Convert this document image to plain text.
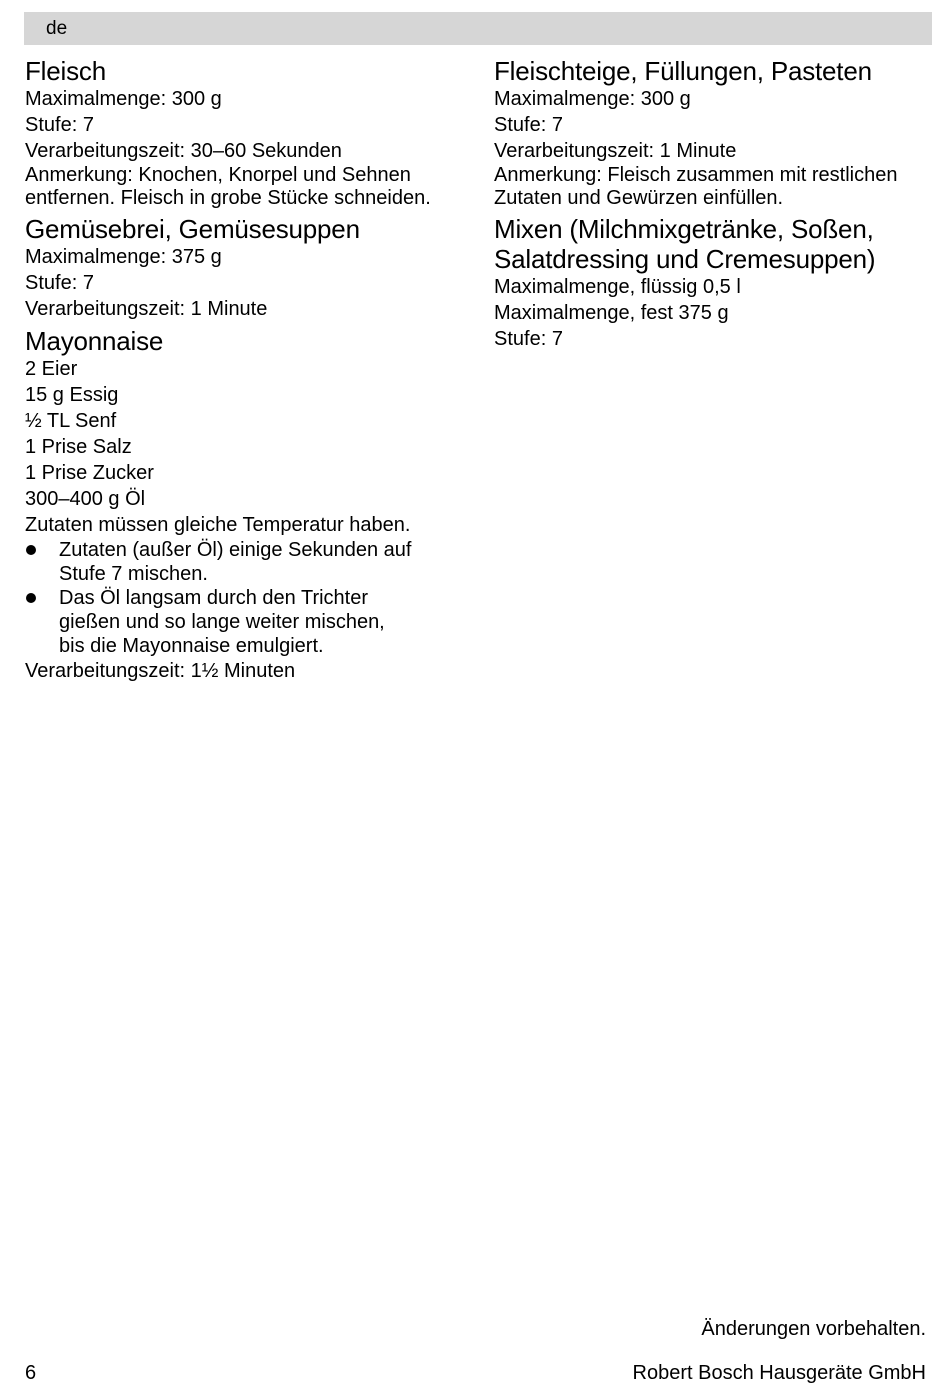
de
Fleisch
Maximalmenge: 300 g
Stufe: 7
Verarbeitungszeit: 30–60 Sekunden
Anmerkung: Knochen, Knorpel und Sehnen
entfernen. Fleisch in grobe Stücke schneiden.
Gemüsebrei, Gemüsesuppen
Maximalmenge: 375 g
Stufe: 7
Verarbeitungszeit: 1 Minute
Mayonnaise
2 Eier
15 g Essig
½ TL Senf
1 Prise Salz
1 Prise Zucker
300–400 g Öl
Zutaten müssen gleiche Temperatur haben.
Zutaten (außer Öl) einige Sekunden auf
Stufe 7 mischen.
Das Öl langsam durch den Trichter
gießen und so lange weiter mischen,
bis die Mayonnaise emulgiert.
Verarbeitungszeit: 1½ Minuten
Fleischteige, Füllungen, Pasteten
Maximalmenge: 300 g
Stufe: 7
Verarbeitungszeit: 1 Minute
Anmerkung: Fleisch zusammen mit restlichen
Zutaten und Gewürzen einfüllen.
Mixen (Milchmixgetränke, Soßen,
Salatdressing und Cremesuppen)
Maximalmenge, flüssig 0,5 l
Maximalmenge, fest 375 g
Stufe: 7
Änderungen vorbehalten.
6	Robert Bosch Hausgeräte GmbH
